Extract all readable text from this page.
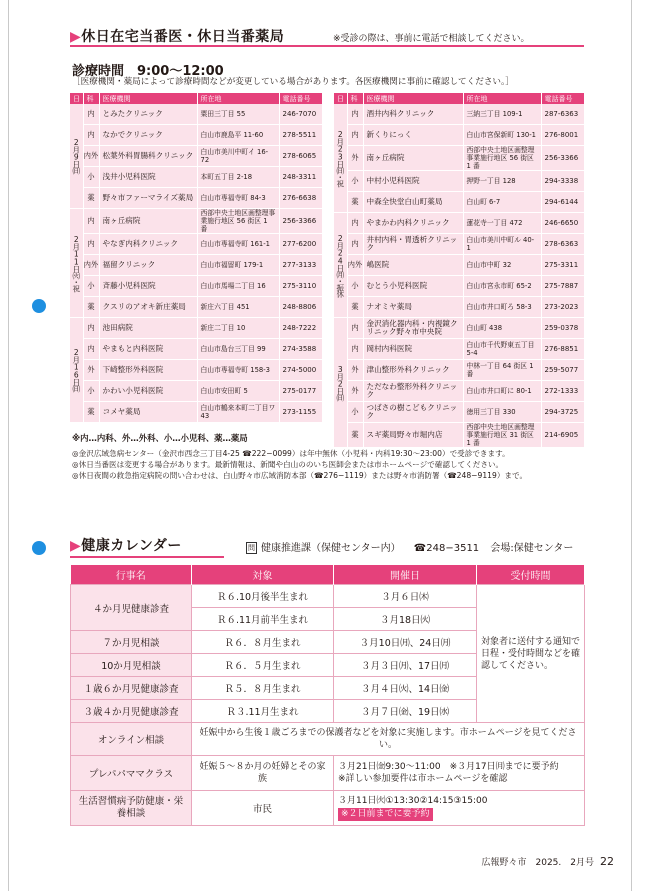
▶休日在宅当番医・休日当番薬局	※受診の際は、事前に電話で相談してください。
診療時間　9:00〜12:00
［医療機関・薬局によって診療時間などが変更している場合があります。各医療機関に事前に確認してください。］
日	科	医療機関	所在地	電話番号
2月9日㈰	内	とみたクリニック	粟田三丁目 55	246-7070
	内	なかでクリニック	白山市鹿島平 11-60	278-5511
	内外	松葉外科胃腸科クリニック	白山市美川中町イ 16-72	278-6065
	小	浅井小児科医院	本町五丁目 2-18	248-3311
	薬	野々市ファーマライズ薬局	白山市専福寺町 84-3	276-6638
2月11日㈫・祝	内	南ヶ丘病院	西部中央土地区画整理事業施行地区 56 街区 1 番	256-3366
	内	やなぎ内科クリニック	白山市専福寺町 161-1	277-6200
	内外	福留クリニック	白山市福留町 179-1	277-3133
	小	斉藤小児科医院	白山市馬場二丁目 16	275-3110
	薬	クスリのアオキ新庄薬局	新庄六丁目 451	248-8806
2月16日㈰	内	池田病院	新庄二丁目 10	248-7222
	内	やまもと内科医院	白山市島台三丁目 99	274-3588
	外	下崎整形外科医院	白山市専福寺町 158-3	274-5000
	小	かわい小児科医院	白山市安田町 5	275-0177
	薬	コメヤ薬局	白山市鶴来本町二丁目ワ 43	273-1155
日	科	医療機関	所在地	電話番号
2月23日㈰・祝	内	酒井内科クリニック	三納三丁目 109-1	287-6363
	内	新くりにっく	白山市宮保新町 130-1	276-8001
	外	南ヶ丘病院	西部中央土地区画整理事業施行地区 56 街区 1 番	256-3366
	小	中村小児科医院	押野一丁目 128	294-3338
	薬	中森全快堂白山町薬局	白山町 6-7	294-6144
2月24日㈪・振休	内	やまかわ内科クリニック	蓮花寺一丁目 472	246-6650
	内	井村内科・胃透析クリニック	白山市美川中町ル 40-1	278-6363
	内外	嶋医院	白山市中町 32	275-3311
	小	むとう小児科医院	白山市宮永市町 65-2	275-7887
	薬	ナオミヤ薬局	白山市井口町ろ 58-3	273-2023
3月2日㈰	内	金沢消化器内科・内視鏡クリニック野々市中央院	白山町 438	259-0378
	内	岡村内科医院	白山市千代野東五丁目 5-4	276-8851
	外	津山整形外科クリニック	中林一丁目 64 街区 1 番	259-5077
	外	ただなわ整形外科クリニック	白山市井口町に 80-1	272-1333
	小	つばさの樹こどもクリニック	徳用三丁目 330	294-3725
	薬	スギ薬局野々市堀内店	西部中央土地区画整理事業施行地区 31 街区 1 番	214-6905
※内…内科、外…外科、小…小児科、薬…薬局
◎金沢広域急病センター（金沢市西念三丁目4-25 ☎222−0099）は年中無休（小児科・内科19:30〜23:00）で受診できます。
◎休日当番医は変更する場合があります。最新情報は、新聞や白山ののいち医師会または市ホームページで確認してください。
◎休日夜間の救急指定病院の問い合わせは、白山野々市広域消防本部（☎276−1119）または野々市消防署（☎248−9119）まで。
▶健康カレンダー	問 健康推進課（保健センター内） ☎248−3511 会場:保健センター
行事名	対象	開催日	受付時間
４か月児健康診査	Ｒ６.10月後半生まれ	３月６日㈭	対象者に送付する通知で日程・受付時間などを確認してください。
	Ｒ６.11月前半生まれ	３月18日㈫	
７か月児相談	Ｒ６．８月生まれ	３月10日㈪、24日㈪	
10か月児相談	Ｒ６．５月生まれ	３月３日㈪、17日㈪	
１歳６か月児健康診査	Ｒ５．８月生まれ	３月４日㈫、14日㈮	
３歳４か月児健康診査	Ｒ３.11月生まれ	３月７日㈮、19日㈬	
オンライン相談	妊娠中から生後１歳ごろまでの保護者などを対象に実施します。市ホームページを見てください。		
プレパパママクラス	妊娠５〜８か月の妊婦とその家族	３月21日㈮9:30〜11:00　※３月17日㈪までに要予約
※詳しい参加要件は市ホームページを確認	

生活習慣病予防健康・栄養相談	市民	３月11日㈫①13:30②14:15③15:00
※２日前までに要予約	
広報野々市　2025.　2月号 22
